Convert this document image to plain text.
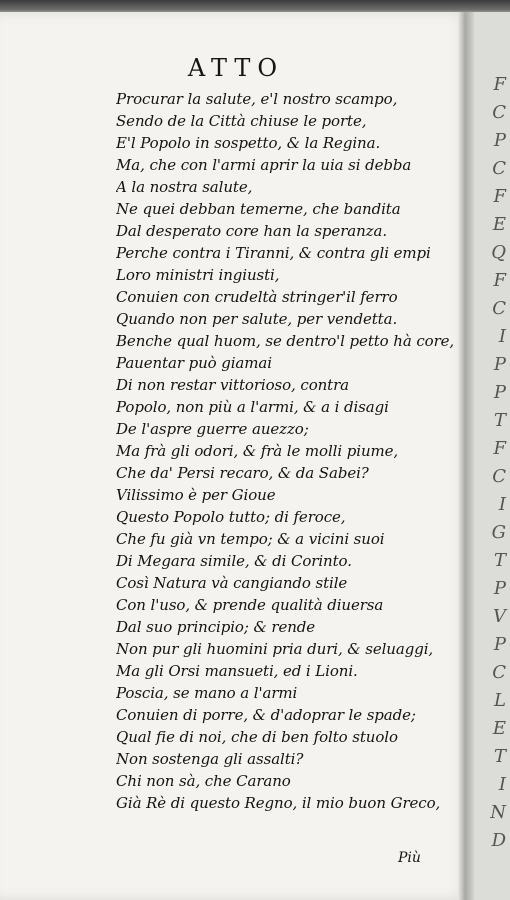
ATTO
Procurar la salute, e'l nostro scampo,
Sendo de la Città chiuse le porte,
E'l Popolo in sospetto, & la Regina.
Ma, che con l'armi aprir la uia si debba
A la nostra salute,
Ne quei debban temerne, che bandita
Dal desperato core han la speranza.
Perche contra i Tiranni, & contra gli empi
Loro ministri ingiusti,
Conuien con crudeltà stringer'il ferro
Quando non per salute, per vendetta.
Benche qual huom, se dentro'l petto hà core,
Pauentar può giamai
Di non restar vittorioso, contra
Popolo, non più a l'armi, & a i disagi
De l'aspre guerre auezzo;
Ma frà gli odori, & frà le molli piume,
Che da' Persi recaro, & da Sabei?
Vilissimo è per Gioue
Questo Popolo tutto; di feroce,
Che fu già vn tempo; & a vicini suoi
Di Megara simile, & di Corinto.
Così Natura và cangiando stile
Con l'uso, & prende qualità diuersa
Dal suo principio; & rende
Non pur gli huomini pria duri, & seluaggi,
Ma gli Orsi mansueti, ed i Lioni.
Poscia, se mano a l'armi
Conuien di porre, & d'adoprar le spade;
Qual fie di noi, che di ben folto stuolo
Non sostenga gli assalti?
Chi non sà, che Carano
Già Rè di questo Regno, il mio buon Greco,
Più
F
C
P
C
F
E
Q
F
C
I
P
P
T
F
C
I
G
T
P
V
P
C
L
E
T
I
N
D
